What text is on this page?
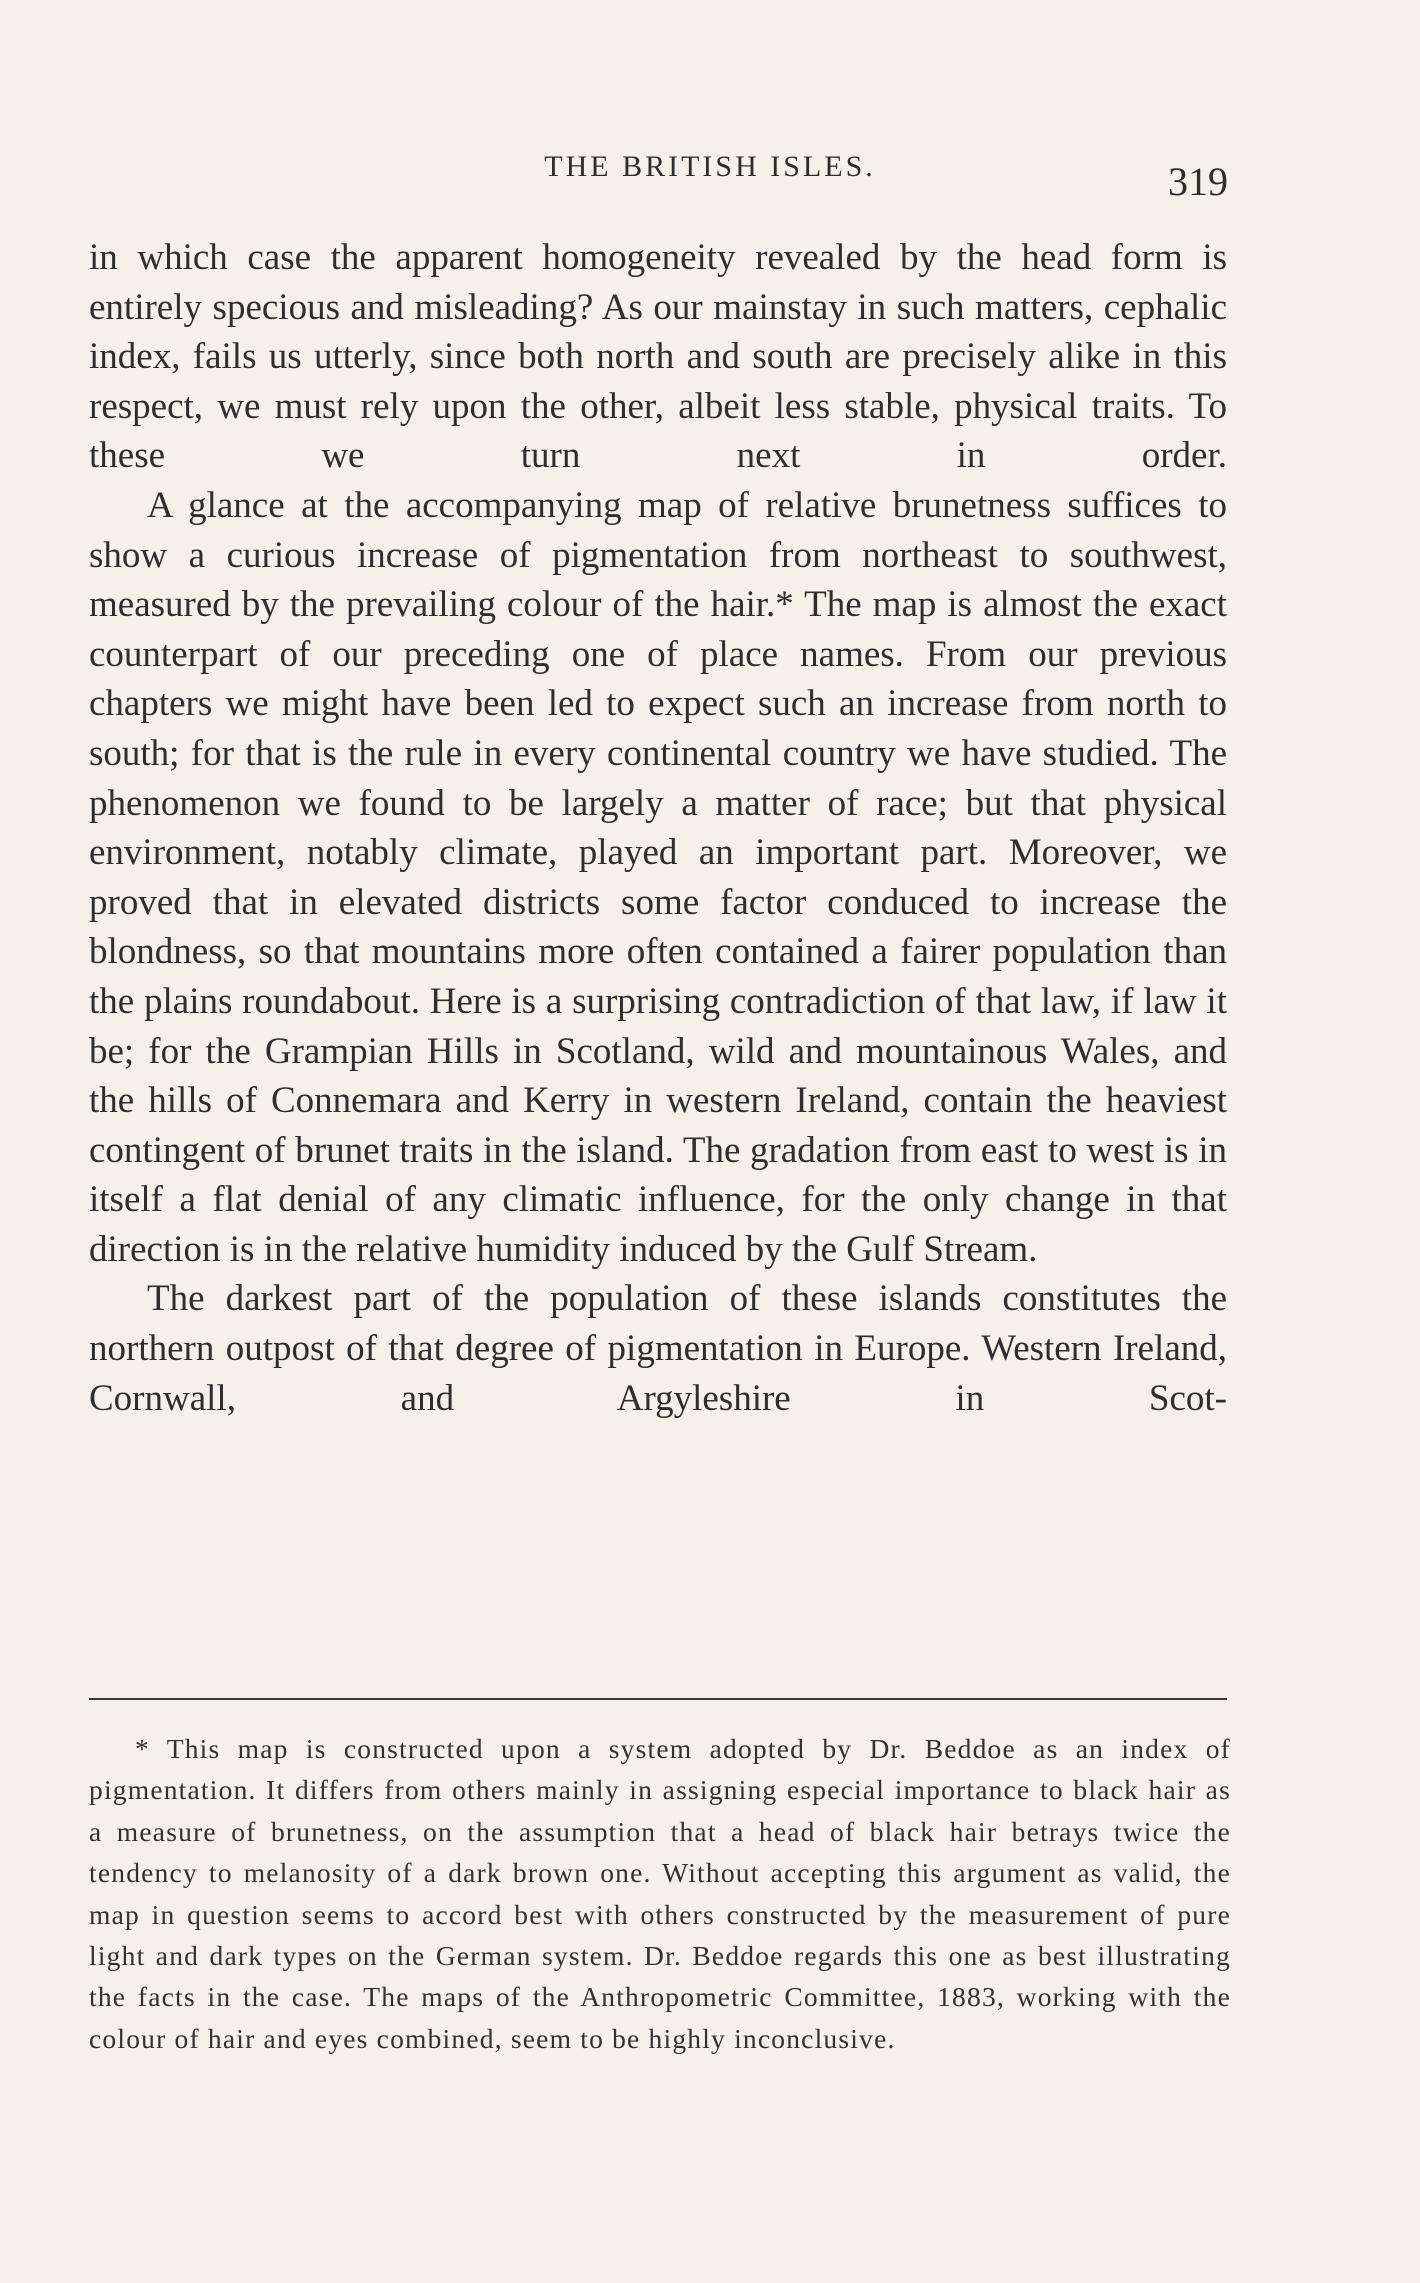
THE BRITISH ISLES.	319

in which case the apparent homogeneity revealed by the head form is entirely specious and misleading? As our mainstay in such matters, cephalic index, fails us utterly, since both north and south are precisely alike in this respect, we must rely upon the other, albeit less stable, physical traits. To these we turn next in order.

A glance at the accompanying map of relative brunetness suffices to show a curious increase of pigmentation from northeast to southwest, measured by the prevailing colour of the hair.* The map is almost the exact counterpart of our preceding one of place names. From our previous chapters we might have been led to expect such an increase from north to south; for that is the rule in every continental country we have studied. The phenomenon we found to be largely a matter of race; but that physical environment, notably climate, played an important part. Moreover, we proved that in elevated districts some factor conduced to increase the blondness, so that mountains more often contained a fairer population than the plains roundabout. Here is a surprising contradiction of that law, if law it be; for the Grampian Hills in Scotland, wild and mountainous Wales, and the hills of Connemara and Kerry in western Ireland, contain the heaviest contingent of brunet traits in the island. The gradation from east to west is in itself a flat denial of any climatic influence, for the only change in that direction is in the relative humidity induced by the Gulf Stream.

The darkest part of the population of these islands constitutes the northern outpost of that degree of pigmentation in Europe. Western Ireland, Cornwall, and Argyleshire in Scot-

* This map is constructed upon a system adopted by Dr. Beddoe as an index of pigmentation. It differs from others mainly in assigning especial importance to black hair as a measure of brunetness, on the assumption that a head of black hair betrays twice the tendency to melanosity of a dark brown one. Without accepting this argument as valid, the map in question seems to accord best with others constructed by the measurement of pure light and dark types on the German system. Dr. Beddoe regards this one as best illustrating the facts in the case. The maps of the Anthropometric Committee, 1883, working with the colour of hair and eyes combined, seem to be highly inconclusive.
